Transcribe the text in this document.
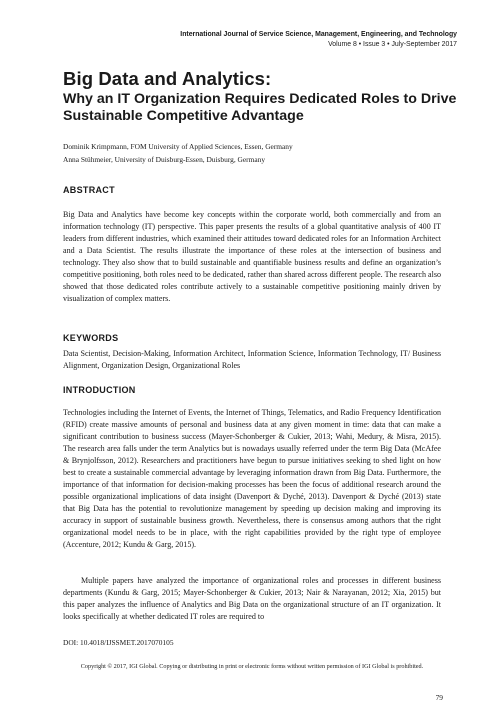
International Journal of Service Science, Management, Engineering, and Technology
Volume 8 • Issue 3 • July-September 2017
Big Data and Analytics:
Why an IT Organization Requires Dedicated Roles to Drive Sustainable Competitive Advantage
Dominik Krimpmann, FOM University of Applied Sciences, Essen, Germany
Anna Stühmeier, University of Duisburg-Essen, Duisburg, Germany
ABSTRACT

Big Data and Analytics have become key concepts within the corporate world, both commercially and from an information technology (IT) perspective. This paper presents the results of a global quantitative analysis of 400 IT leaders from different industries, which examined their attitudes toward dedicated roles for an Information Architect and a Data Scientist. The results illustrate the importance of these roles at the intersection of business and technology. They also show that to build sustainable and quantifiable business results and define an organization’s competitive positioning, both roles need to be dedicated, rather than shared across different people. The research also showed that those dedicated roles contribute actively to a sustainable competitive positioning mainly driven by visualization of complex matters.

KEYWORDS

Data Scientist, Decision-Making, Information Architect, Information Science, Information Technology, IT/ Business Alignment, Organization Design, Organizational Roles

INTRODUCTION

Technologies including the Internet of Events, the Internet of Things, Telematics, and Radio Frequency Identification (RFID) create massive amounts of personal and business data at any given moment in time: data that can make a significant contribution to business success (Mayer-Schonberger & Cukier, 2013; Wahi, Medury, & Misra, 2015). The research area falls under the term Analytics but is nowadays usually referred under the term Big Data (McAfee & Brynjolfsson, 2012). Researchers and practitioners have begun to pursue initiatives seeking to shed light on how best to create a sustainable commercial advantage by leveraging information drawn from Big Data. Furthermore, the importance of that information for decision-making processes has been the focus of additional research around the possible organizational implications of data insight (Davenport & Dyché, 2013). Davenport & Dyché (2013) state that Big Data has the potential to revolutionize management by speeding up decision making and improving its accuracy in support of sustainable business growth. Nevertheless, there is consensus among authors that the right organizational model needs to be in place, with the right capabilities provided by the right type of employee (Accenture, 2012; Kundu & Garg, 2015).

Multiple papers have analyzed the importance of organizational roles and processes in different business departments (Kundu & Garg, 2015; Mayer-Schonberger & Cukier, 2013; Nair & Narayanan, 2012; Xia, 2015) but this paper analyzes the influence of Analytics and Big Data on the organizational structure of an IT organization. It looks specifically at whether dedicated IT roles are required to

DOI: 10.4018/IJSSMET.2017070105
Copyright © 2017, IGI Global. Copying or distributing in print or electronic forms without written permission of IGI Global is prohibited.
79
